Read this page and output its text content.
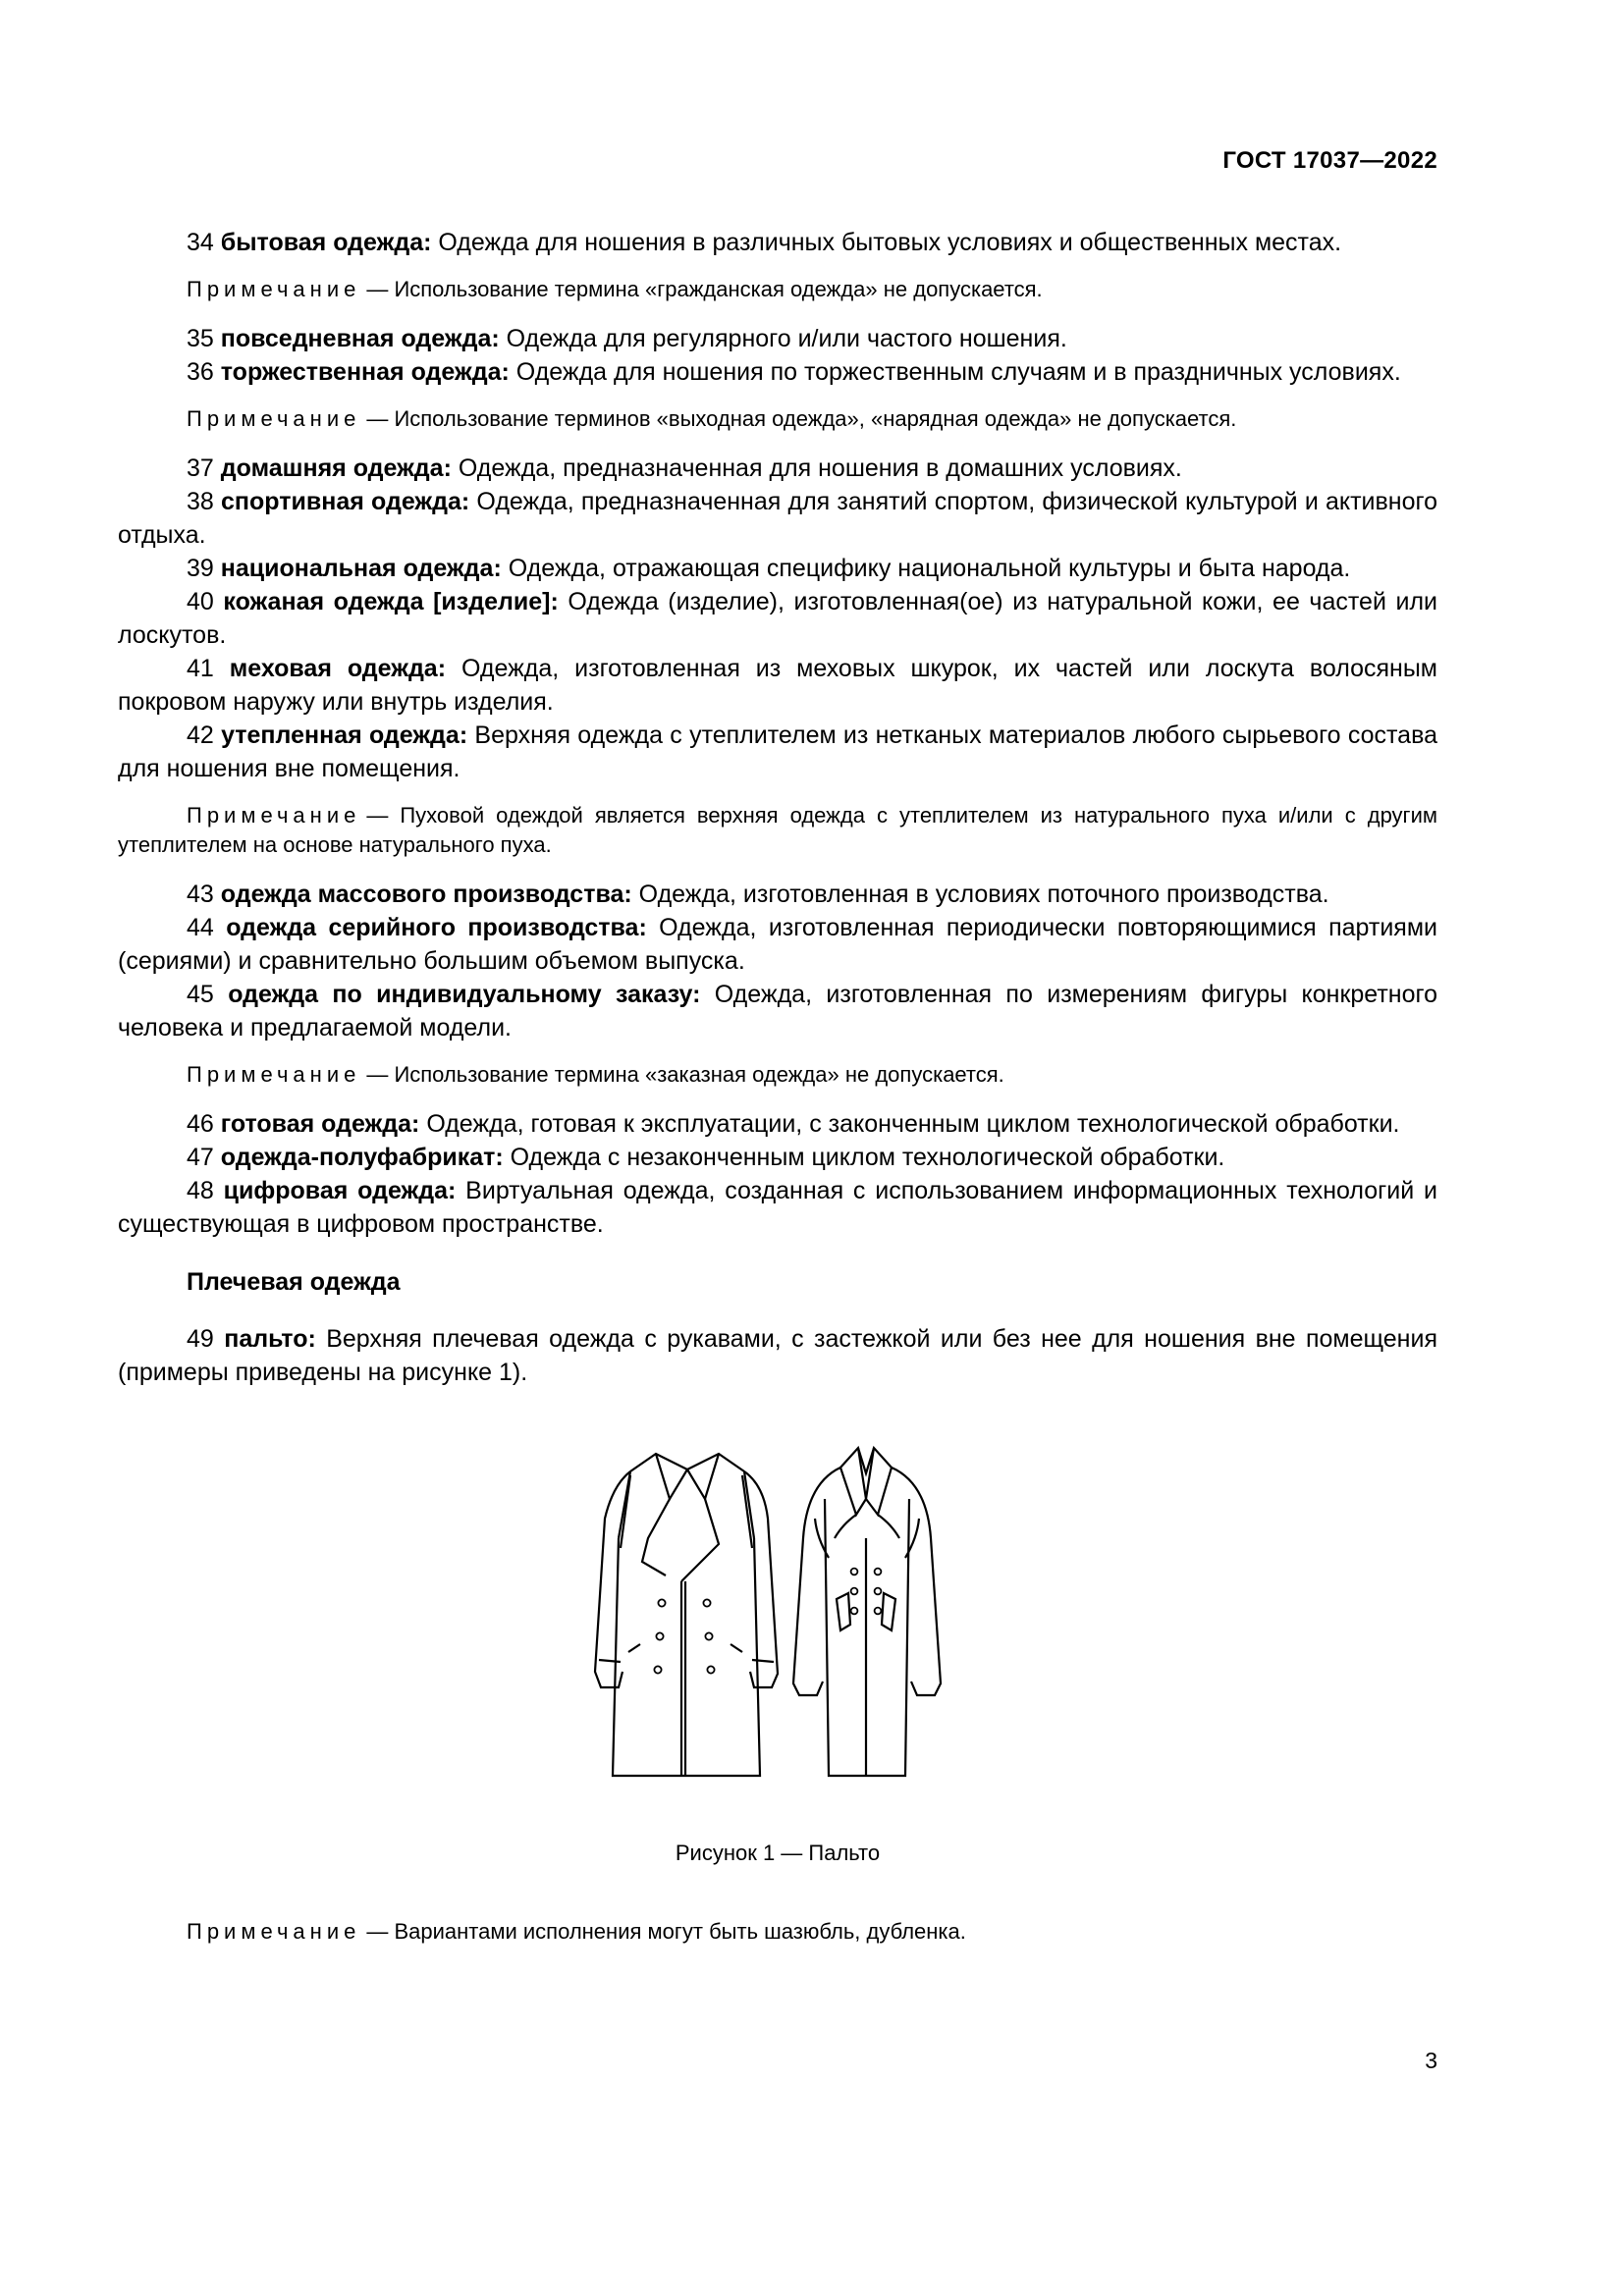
ГОСТ 17037—2022

34 бытовая одежда: Одежда для ношения в различных бытовых условиях и общественных местах.

Примечание — Использование термина «гражданская одежда» не допускается.

35 повседневная одежда: Одежда для регулярного и/или частого ношения.

36 торжественная одежда: Одежда для ношения по торжественным случаям и в праздничных условиях.

Примечание — Использование терминов «выходная одежда», «нарядная одежда» не допускается.

37 домашняя одежда: Одежда, предназначенная для ношения в домашних условиях.

38 спортивная одежда: Одежда, предназначенная для занятий спортом, физической культурой и активного отдыха.

39 национальная одежда: Одежда, отражающая специфику национальной культуры и быта народа.

40 кожаная одежда [изделие]: Одежда (изделие), изготовленная(ое) из натуральной кожи, ее частей или лоскутов.

41 меховая одежда: Одежда, изготовленная из меховых шкурок, их частей или лоскута волосяным покровом наружу или внутрь изделия.

42 утепленная одежда: Верхняя одежда с утеплителем из нетканых материалов любого сырьевого состава для ношения вне помещения.

Примечание — Пуховой одеждой является верхняя одежда с утеплителем из натурального пуха и/или с другим утеплителем на основе натурального пуха.

43 одежда массового производства: Одежда, изготовленная в условиях поточного производства.

44 одежда серийного производства: Одежда, изготовленная периодически повторяющимися партиями (сериями) и сравнительно большим объемом выпуска.

45 одежда по индивидуальному заказу: Одежда, изготовленная по измерениям фигуры конкретного человека и предлагаемой модели.

Примечание — Использование термина «заказная одежда» не допускается.

46 готовая одежда: Одежда, готовая к эксплуатации, с законченным циклом технологической обработки.

47 одежда-полуфабрикат: Одежда с незаконченным циклом технологической обработки.

48 цифровая одежда: Виртуальная одежда, созданная с использованием информационных технологий и существующая в цифровом пространстве.

Плечевая одежда

49 пальто: Верхняя плечевая одежда с рукавами, с застежкой или без нее для ношения вне помещения (примеры приведены на рисунке 1).

Рисунок 1 — Пальто

Примечание — Вариантами исполнения могут быть шазюбль, дубленка.

3
